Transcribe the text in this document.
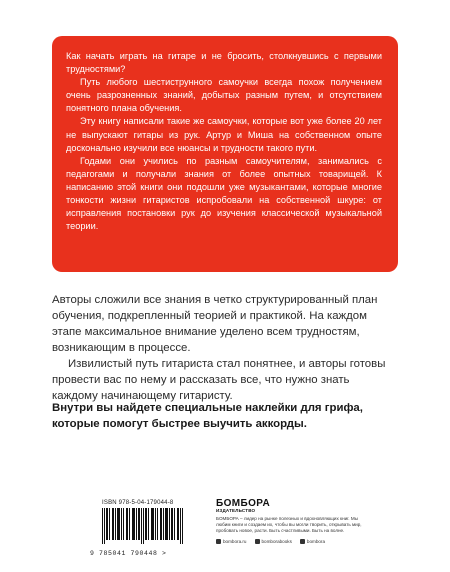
Как начать играть на гитаре и не бросить, столкнувшись с первыми трудностями?

Путь любого шестиструнного самоучки всегда похож получением очень разрозненных знаний, добытых разным путем, и отсутствием понятного плана обучения.

Эту книгу написали такие же самоучки, которые вот уже более 20 лет не выпускают гитары из рук. Артур и Миша на собственном опыте досконально изучили все нюансы и трудности такого пути.

Годами они учились по разным самоучителям, занимались с педагогами и получали знания от более опытных товарищей. К написанию этой книги они подошли уже музыкантами, которые многие тонкости жизни гитаристов испробовали на собственной шкуре: от исправления постановки рук до изучения классической музыкальной теории.

Авторы сложили все знания в четко структурированный план обучения, подкрепленный теорией и практикой. На каждом этапе максимальное внимание уделено всем трудностям, возникающим в процессе.

Извилистый путь гитариста стал понятнее, и авторы готовы провести вас по нему и рассказать все, что нужно знать каждому начинающему гитаристу.

Внутри вы найдете специальные наклейки для грифа, которые помогут быстрее выучить аккорды.
ISBN 978-5-04-179044-8
9 785041 790448 >
БОМБОРА
ИЗДАТЕЛЬСТВО
БОМБОРА – лидер на рынке полезных и вдохновляющих книг. Мы любим книги и создаем их, чтобы вы могли творить, открывать мир, пробовать новое, расти. Быть счастливыми. Быть на волне.
bombora.ru	bomborabooks	bombora
